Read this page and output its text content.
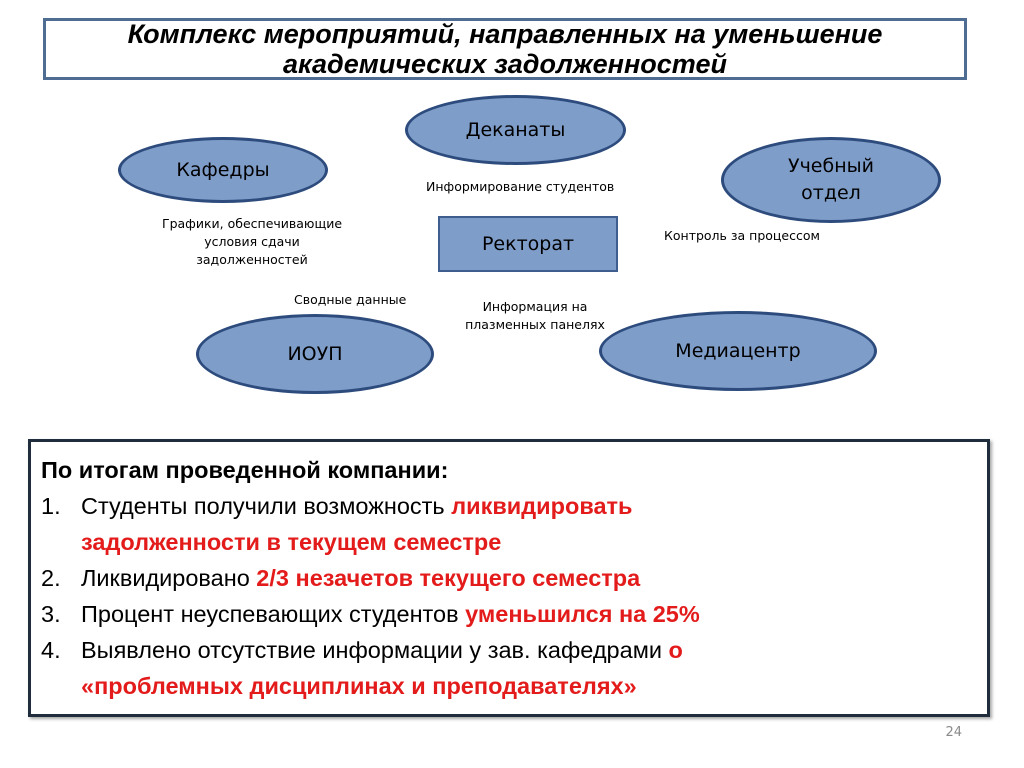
Комплекс мероприятий, направленных на уменьшение
академических задолженностей
Кафедры
Деканаты
Учебный
отдел
Ректорат
ИОУП	Медиацентр
Информирование студентов
Графики, обеспечивающие
условия сдачи
задолженностей
Контроль за процессом
Сводные данные	Информация на
плазменных панелях
По итогам проведенной компании:
1. Студенты получили возможность ликвидировать
задолженности в текущем семестре
2. Ликвидировано 2/3 незачетов текущего семестра
3. Процент неуспевающих студентов уменьшился на 25%
4. Выявлено отсутствие информации у зав. кафедрами о
«проблемных дисциплинах и преподавателях»
24
